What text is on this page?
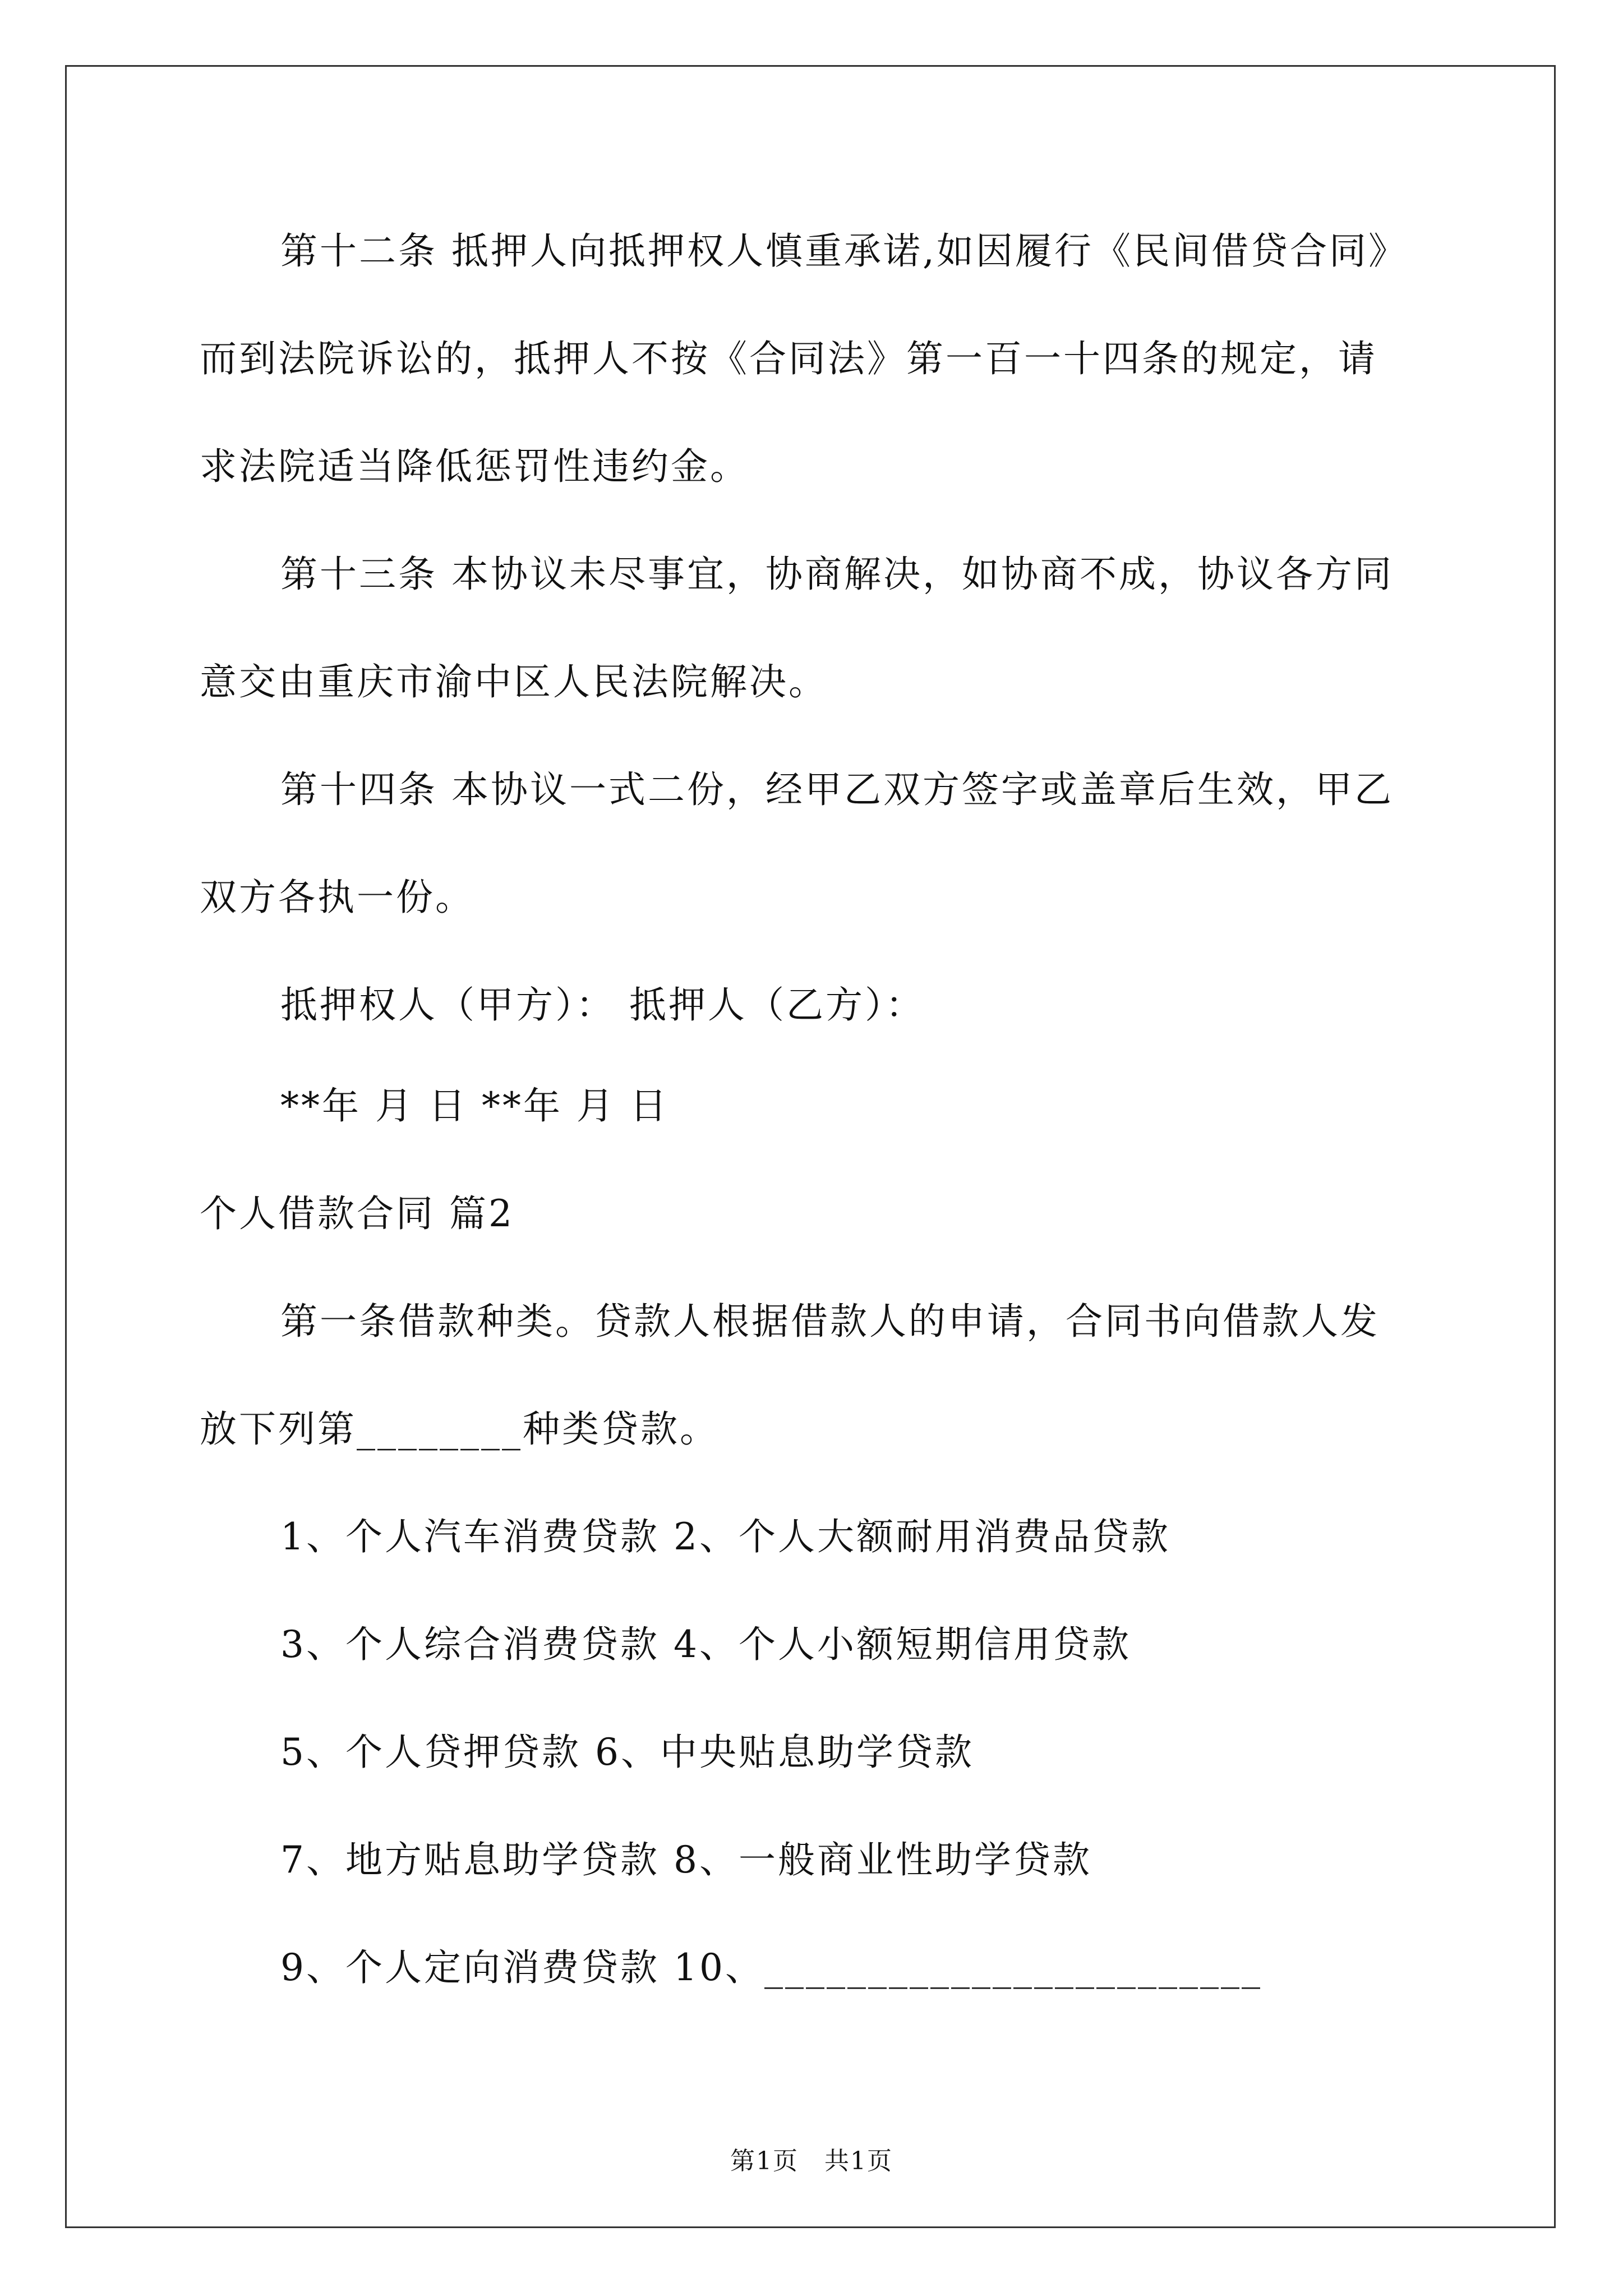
第十二条 抵押人向抵押权人慎重承诺,如因履行《民间借贷合同》
而到法院诉讼的，抵押人不按《合同法》第一百一十四条的规定，请
求法院适当降低惩罚性违约金。
第十三条 本协议未尽事宜，协商解决，如协商不成，协议各方同
意交由重庆市渝中区人民法院解决。
第十四条 本协议一式二份，经甲乙双方签字或盖章后生效，甲乙
双方各执一份。
抵押权人（甲方）： 抵押人（乙方）：
**年 月 日 **年 月 日
个人借款合同 篇2
第一条借款种类。贷款人根据借款人的申请，合同书向借款人发
放下列第________种类贷款。
1、个人汽车消费贷款 2、个人大额耐用消费品贷款
3、个人综合消费贷款 4、个人小额短期信用贷款
5、个人贷押贷款 6、中央贴息助学贷款
7、地方贴息助学贷款 8、一般商业性助学贷款
9、个人定向消费贷款 10、________________________
第1页　共1页
